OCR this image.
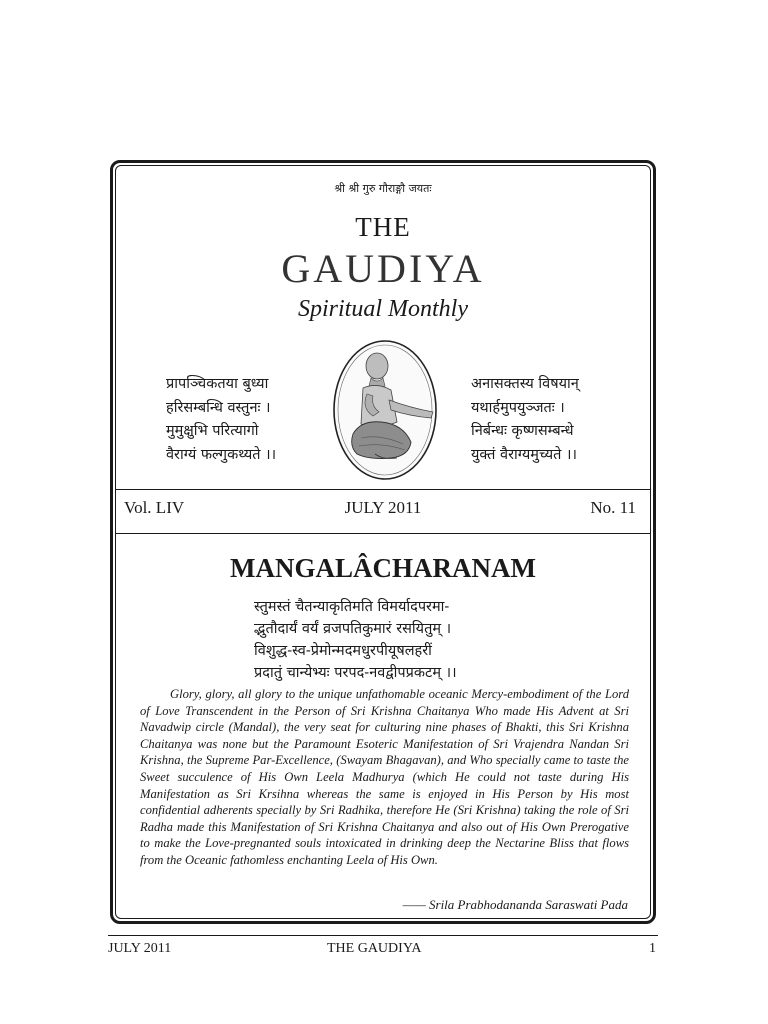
श्री श्री गुरु गौराङ्गौ जयतः
THE
GAUDIYA
Spiritual Monthly
प्रापञ्चिकतया बुध्या
हरिसम्बन्धि वस्तुनः ।
मुमुक्षुभि परित्यागो
वैराग्यं फल्गुकथ्यते ।।
अनासक्तस्य विषयान्
यथार्हमुपयुञ्जतः ।
निर्बन्धः कृष्णसम्बन्धे
युक्तं वैराग्यमुच्यते ।।
Vol. LIV	JULY 2011	No. 11
MANGALÂCHARANAM
स्तुमस्तं चैतन्याकृतिमति विमर्यादपरमा-
द्भुतौदार्यं वर्यं व्रजपतिकुमारं रसयितुम् ।
विशुद्ध-स्व-प्रेमोन्मदमधुरपीयूषलहरीं
प्रदातुं चान्येभ्यः परपद-नवद्वीपप्रकटम् ।।
Glory, glory, all glory to the unique unfathomable oceanic Mercy-embodiment of the Lord of Love Transcendent in the Person of Sri Krishna Chaitanya Who made His Advent at Sri Navadwip circle (Mandal), the very seat for culturing nine phases of Bhakti, this Sri Krishna Chaitanya was none but the Paramount Esoteric Manifestation of Sri Vrajendra Nandan Sri Krishna, the Supreme Par-Excellence, (Swayam Bhagavan), and Who specially came to taste the Sweet succulence of His Own Leela Madhurya (which He could not taste during His Manifestation as Sri Krsihna whereas the same is enjoyed in His Person by His most confidential adherents specially by Sri Radhika, therefore He (Sri Krishna) taking the role of Sri Radha made this Manifestation of Sri Krishna Chaitanya and also out of His Own Prerogative to make the Love-pregnanted souls intoxicated in drinking deep the Nectarine Bliss that flows from the Oceanic fathomless enchanting Leela of His Own.
—— Srila Prabhodananda Saraswati Pada
JULY 2011	THE GAUDIYA	1
